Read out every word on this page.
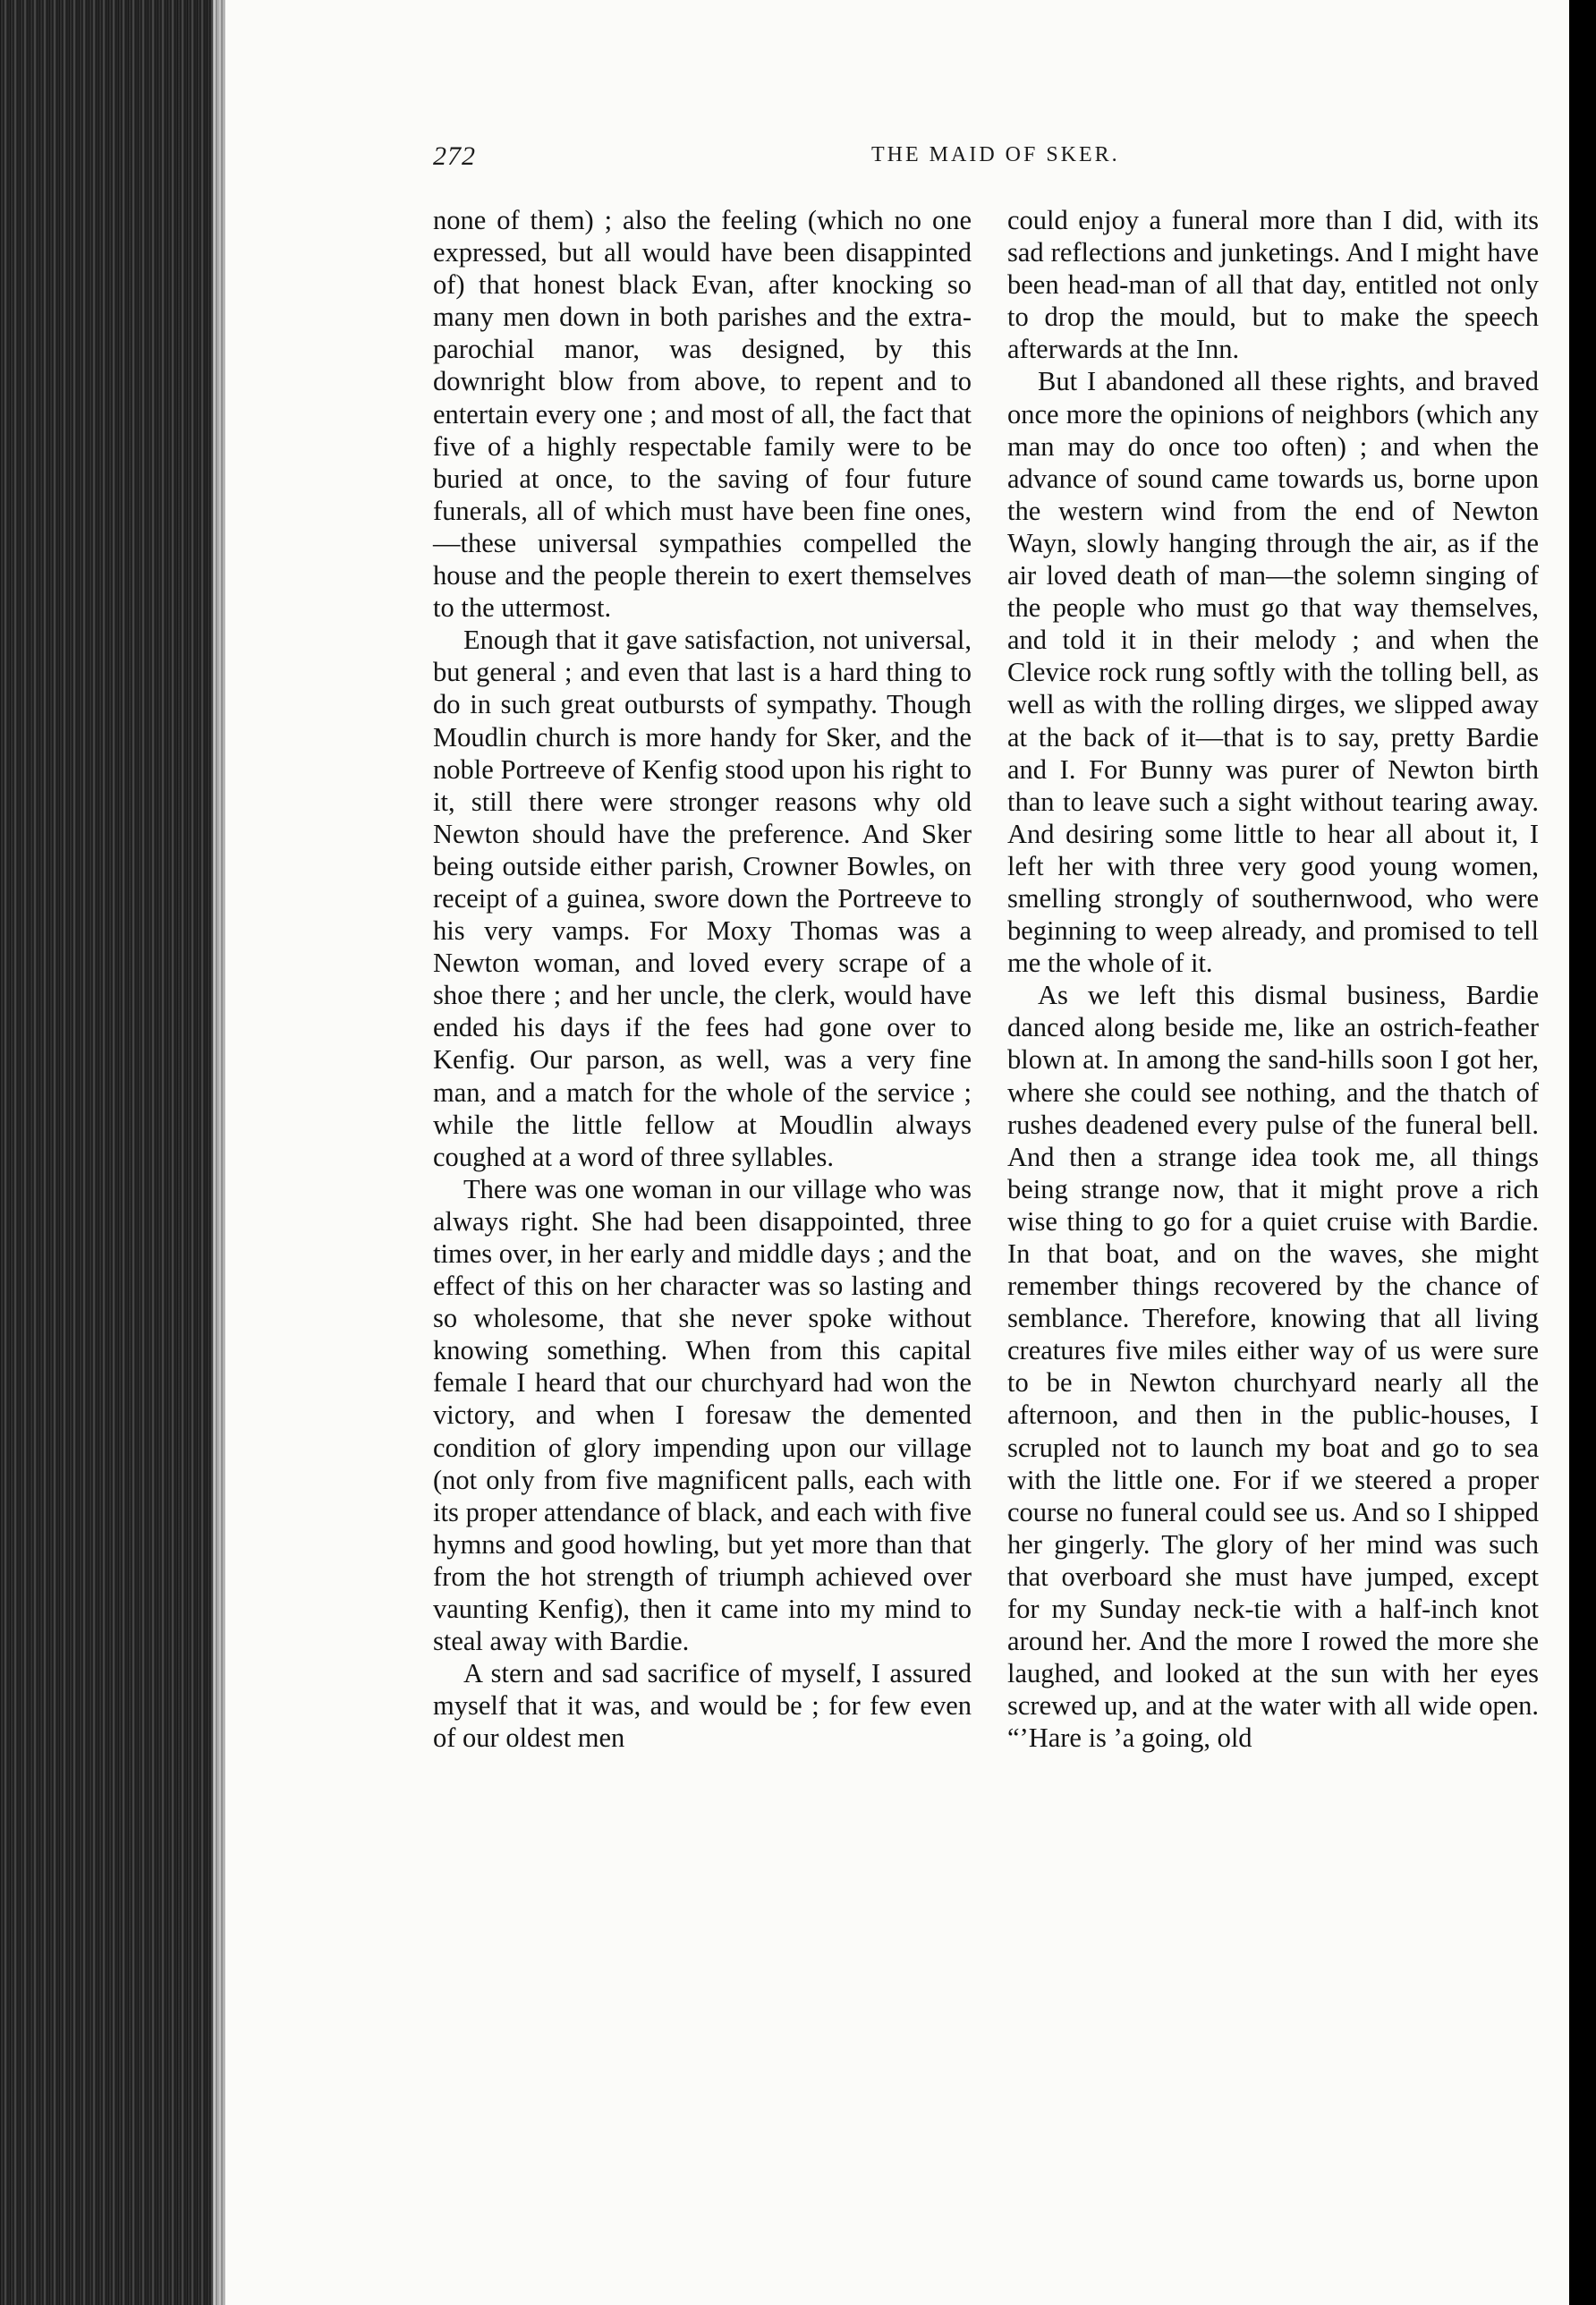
272	THE MAID OF SKER.

none of them) ; also the feeling (which no one expressed, but all would have been disappinted of) that honest black Evan, after knocking so many men down in both parishes and the extra-parochial manor, was designed, by this downright blow from above, to repent and to entertain every one ; and most of all, the fact that five of a highly respectable family were to be buried at once, to the saving of four future funerals, all of which must have been fine ones,—these universal sympathies compelled the house and the people therein to exert themselves to the uttermost.

Enough that it gave satisfaction, not universal, but general ; and even that last is a hard thing to do in such great outbursts of sympathy. Though Moudlin church is more handy for Sker, and the noble Portreeve of Kenfig stood upon his right to it, still there were stronger reasons why old Newton should have the preference. And Sker being outside either parish, Crowner Bowles, on receipt of a guinea, swore down the Portreeve to his very vamps. For Moxy Thomas was a Newton woman, and loved every scrape of a shoe there ; and her uncle, the clerk, would have ended his days if the fees had gone over to Kenfig. Our parson, as well, was a very fine man, and a match for the whole of the service ; while the little fellow at Moudlin always coughed at a word of three syllables.

There was one woman in our village who was always right. She had been disappointed, three times over, in her early and middle days ; and the effect of this on her character was so lasting and so wholesome, that she never spoke without knowing something. When from this capital female I heard that our churchyard had won the victory, and when I foresaw the demented condition of glory impending upon our village (not only from five magnificent palls, each with its proper attendance of black, and each with five hymns and good howling, but yet more than that from the hot strength of triumph achieved over vaunting Kenfig), then it came into my mind to steal away with Bardie.

A stern and sad sacrifice of myself, I assured myself that it was, and would be ; for few even of our oldest men

could enjoy a funeral more than I did, with its sad reflections and junketings. And I might have been head-man of all that day, entitled not only to drop the mould, but to make the speech afterwards at the Inn.

But I abandoned all these rights, and braved once more the opinions of neighbors (which any man may do once too often) ; and when the advance of sound came towards us, borne upon the western wind from the end of Newton Wayn, slowly hanging through the air, as if the air loved death of man—the solemn singing of the people who must go that way themselves, and told it in their melody ; and when the Clevice rock rung softly with the tolling bell, as well as with the rolling dirges, we slipped away at the back of it—that is to say, pretty Bardie and I. For Bunny was purer of Newton birth than to leave such a sight without tearing away. And desiring some little to hear all about it, I left her with three very good young women, smelling strongly of southernwood, who were beginning to weep already, and promised to tell me the whole of it.

As we left this dismal business, Bardie danced along beside me, like an ostrich-feather blown at. In among the sand-hills soon I got her, where she could see nothing, and the thatch of rushes deadened every pulse of the funeral bell. And then a strange idea took me, all things being strange now, that it might prove a rich wise thing to go for a quiet cruise with Bardie. In that boat, and on the waves, she might remember things recovered by the chance of semblance. Therefore, knowing that all living creatures five miles either way of us were sure to be in Newton churchyard nearly all the afternoon, and then in the public-houses, I scrupled not to launch my boat and go to sea with the little one. For if we steered a proper course no funeral could see us. And so I shipped her gingerly. The glory of her mind was such that overboard she must have jumped, except for my Sunday neck-tie with a half-inch knot around her. And the more I rowed the more she laughed, and looked at the sun with her eyes screwed up, and at the water with all wide open. “’Hare is ’a going, old
